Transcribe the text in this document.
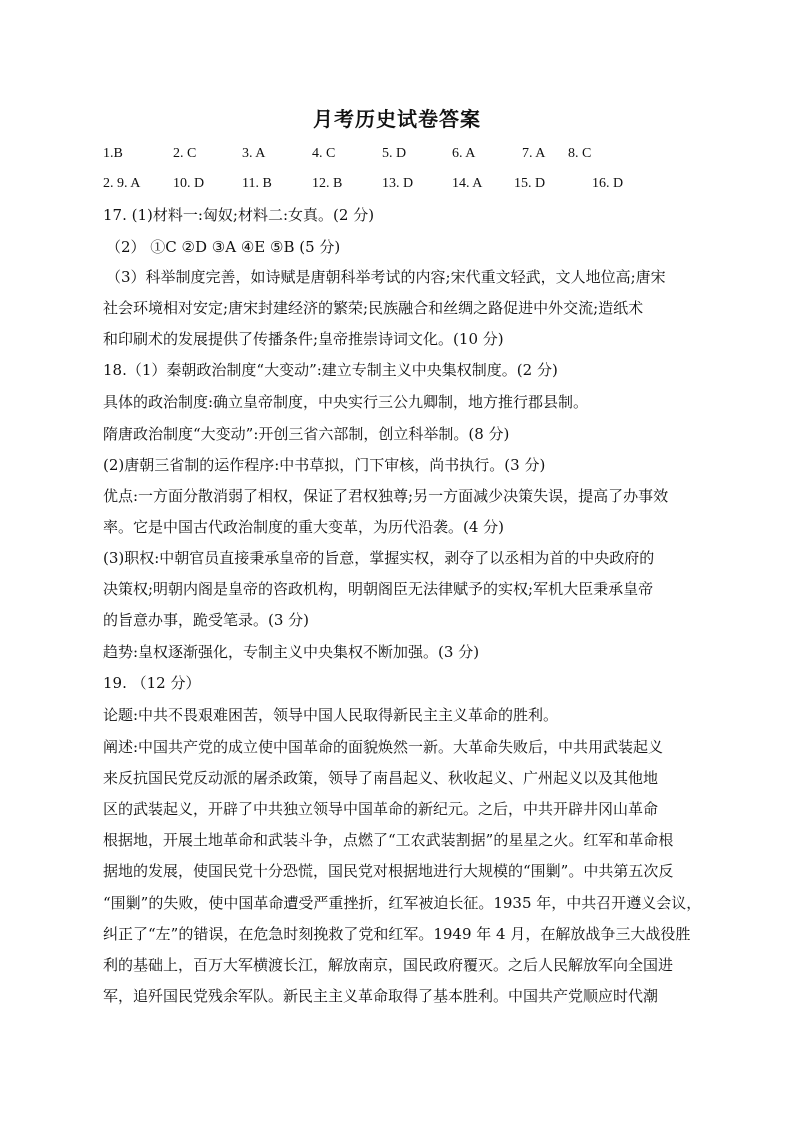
月考历史试卷答案
1.B	2. C	3. A	4. C	5. D	6. A	7. A 8. C
2. 9. A 10. D	11. B	12. B	13. D	14. A 15. D	16. D
17. (1)材料一:匈奴;材料二:女真。(2 分)
（2） ①C ②D ③A ④E ⑤B (5 分)
（3）科举制度完善，如诗赋是唐朝科举考试的内容;宋代重文轻武，文人地位高;唐宋
社会环境相对安定;唐宋封建经济的繁荣;民族融合和丝绸之路促进中外交流;造纸术
和印刷术的发展提供了传播条件;皇帝推崇诗词文化。(10 分)
18.（1）秦朝政治制度“大变动”:建立专制主义中央集权制度。(2 分)
具体的政治制度:确立皇帝制度，中央实行三公九卿制，地方推行郡县制。
隋唐政治制度“大变动”:开创三省六部制，创立科举制。(8 分)
(2)唐朝三省制的运作程序:中书草拟，门下审核，尚书执行。(3 分)
优点:一方面分散消弱了相权，保证了君权独尊;另一方面减少决策失误，提高了办事效
率。它是中国古代政治制度的重大变革，为历代沿袭。(4 分)
(3)职权:中朝官员直接秉承皇帝的旨意，掌握实权，剥夺了以丞相为首的中央政府的
决策权;明朝内阁是皇帝的咨政机构，明朝阁臣无法律赋予的实权;军机大臣秉承皇帝
的旨意办事，跪受笔录。(3 分)
趋势:皇权逐渐强化，专制主义中央集权不断加强。(3 分)
19. （12 分）
论题:中共不畏艰难困苦，领导中国人民取得新民主主义革命的胜利。
阐述:中国共产党的成立使中国革命的面貌焕然一新。大革命失败后，中共用武装起义
来反抗国民党反动派的屠杀政策，领导了南昌起义、秋收起义、广州起义以及其他地
区的武装起义，开辟了中共独立领导中国革命的新纪元。之后，中共开辟井冈山革命
根据地，开展土地革命和武装斗争，点燃了“工农武装割据”的星星之火。红军和革命根
据地的发展，使国民党十分恐慌，国民党对根据地进行大规模的“围剿”。中共第五次反
“围剿”的失败，使中国革命遭受严重挫折，红军被迫长征。1935 年，中共召开遵义会议，
纠正了“左”的错误，在危急时刻挽救了党和红军。1949 年 4 月，在解放战争三大战役胜
利的基础上，百万大军横渡长江，解放南京，国民政府覆灭。之后人民解放军向全国进
军，追歼国民党残余军队。新民主主义革命取得了基本胜利。中国共产党顺应时代潮
